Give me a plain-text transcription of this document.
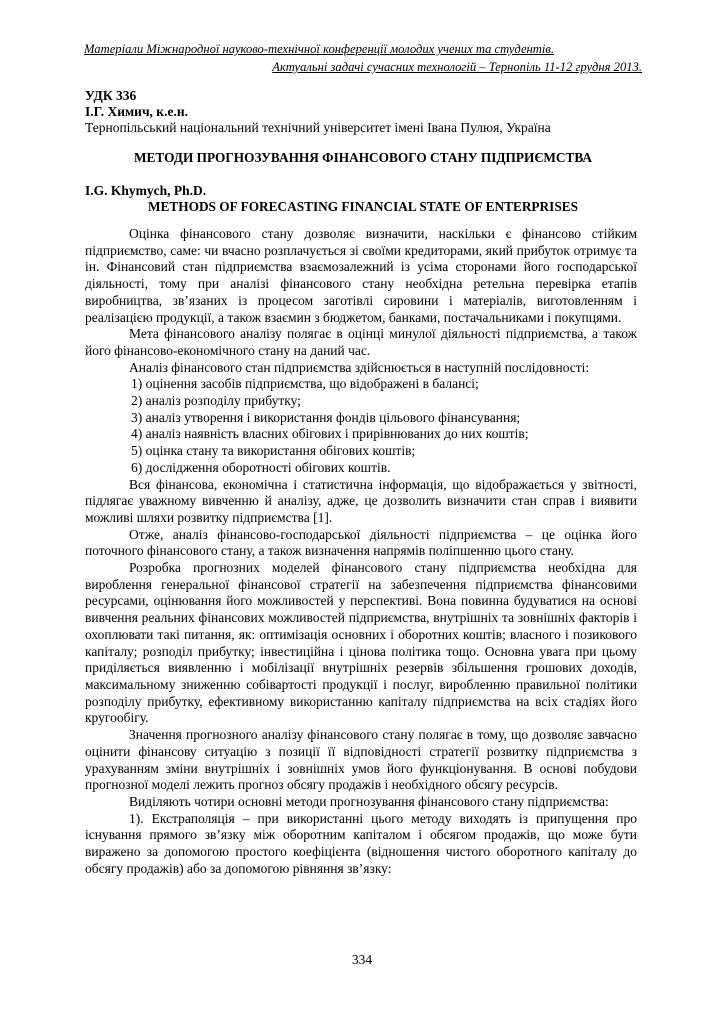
Матеріали Міжнародної науково-технічної конференції молодих учених та студентів.
Актуальні задачі сучасних технологій – Тернопіль 11-12 грудня 2013.
УДК 336
І.Г. Химич, к.е.н.
Тернопільський національний технічний університет імені Івана Пулюя, Україна
МЕТОДИ ПРОГНОЗУВАННЯ ФІНАНСОВОГО СТАНУ ПІДПРИЄМСТВА
I.G. Khymych, Ph.D.
METHODS OF FORECASTING FINANCIAL STATE OF ENTERPRISES

Оцінка фінансового стану дозволяє визначити, наскільки є фінансово стійким підприємство, саме: чи вчасно розплачується зі своїми кредиторами, який прибуток отримує та ін. Фінансовий стан підприємства взаємозалежний із усіма сторонами його господарської діяльності, тому при аналізі фінансового стану необхідна ретельна перевірка етапів виробництва, зв’язаних із процесом заготівлі сировини і матеріалів, виготовленням і реалізацією продукції, а також взаємин з бюджетом, банками, постачальниками і покупцями.

Мета фінансового аналізу полягає в оцінці минулої діяльності підприємства, а також його фінансово-економічного стану на даний час.

Аналіз фінансового стан підприємства здійснюється в наступній послідовності:

1) оцінення засобів підприємства, що відображені в балансі;

2) аналіз розподілу прибутку;

3) аналіз утворення і використання фондів цільового фінансування;

4) аналіз наявність власних обігових і прирівнюваних до них коштів;

5) оцінка стану та використання обігових коштів;

6) дослідження оборотності обігових коштів.

Вся фінансова, економічна і статистична інформація, що відображається у звітності, підлягає уважному вивченню й аналізу, адже, це дозволить визначити стан справ і виявити можливі шляхи розвитку підприємства [1].

Отже, аналіз фінансово-господарської діяльності підприємства – це оцінка його поточного фінансового стану, а також визначення напрямів поліпшенню цього стану.

Розробка прогнозних моделей фінансового стану підприємства необхідна для вироблення генеральної фінансової стратегії на забезпечення підприємства фінансовими ресурсами, оцінювання його можливостей у перспективі. Вона повинна будуватися на основі вивчення реальних фінансових можливостей підприємства, внутрішніх та зовнішніх факторів і охоплювати такі питання, як: оптимізація основних і оборотних коштів; власного і позикового капіталу; розподіл прибутку; інвестиційна і цінова політика тощо. Основна увага при цьому приділяється виявленню і мобілізації внутрішніх резервів збільшення грошових доходів, максимальному зниженню собівартості продукції і послуг, виробленню правильної політики розподілу прибутку, ефективному використанню капіталу підприємства на всіх стадіях його кругообігу.

Значення прогнозного аналізу фінансового стану полягає в тому, що дозволяє завчасно оцінити фінансову ситуацію з позиції її відповідності стратегії розвитку підприємства з урахуванням зміни внутрішніх і зовнішніх умов його функціонування. В основі побудови прогнозної моделі лежить прогноз обсягу продажів і необхідного обсягу ресурсів.

Виділяють чотири основні методи прогнозування фінансового стану підприємства:

1). Екстраполяція – при використанні цього методу виходять із припущення про існування прямого зв’язку між оборотним капіталом і обсягом продажів, що може бути виражено за допомогою простого коефіцієнта (відношення чистого оборотного капіталу до обсягу продажів) або за допомогою рівняння зв’язку:

334
